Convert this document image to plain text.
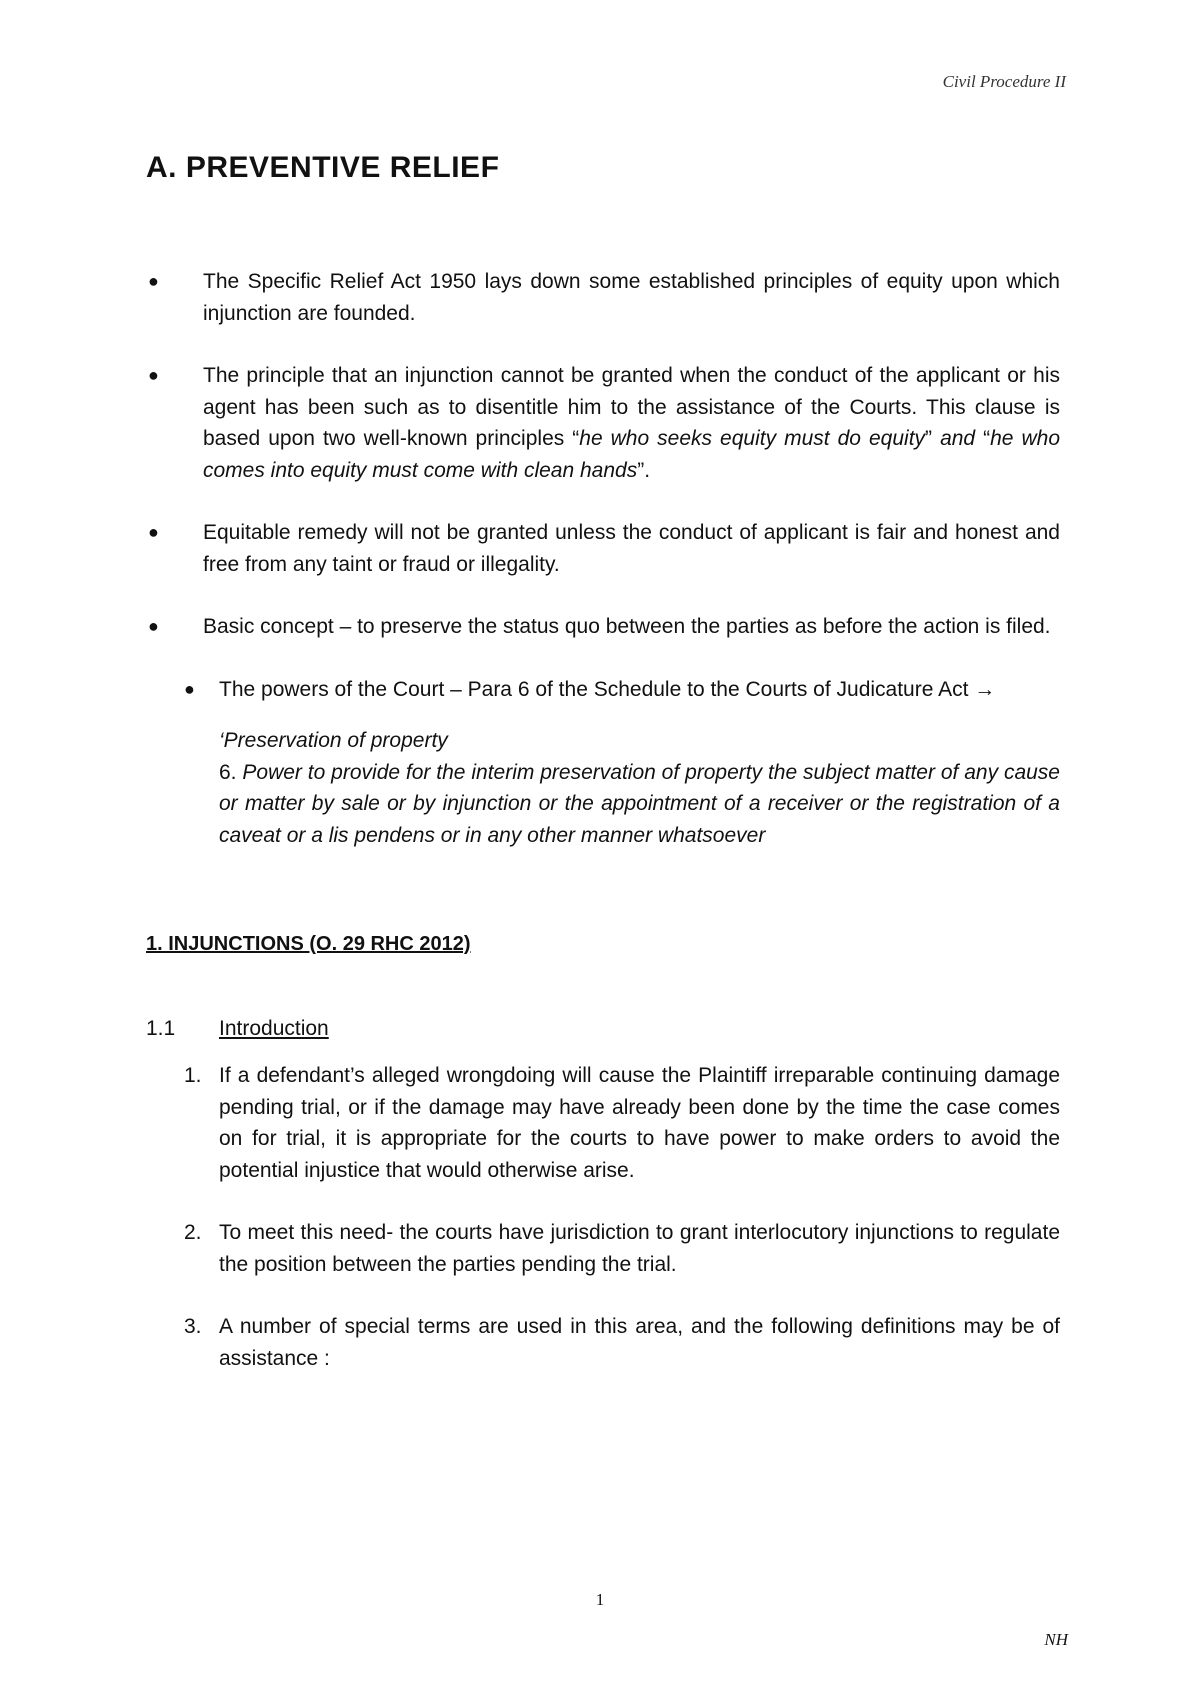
Civil Procedure II
A. PREVENTIVE RELIEF
● The Specific Relief Act 1950 lays down some established principles of equity upon which injunction are founded.
● The principle that an injunction cannot be granted when the conduct of the applicant or his agent has been such as to disentitle him to the assistance of the Courts. This clause is based upon two well-known principles “he who seeks equity must do equity” and “he who comes into equity must come with clean hands”.
● Equitable remedy will not be granted unless the conduct of applicant is fair and honest and free from any taint or fraud or illegality.
● Basic concept – to preserve the status quo between the parties as before the action is filed.
● The powers of the Court – Para 6 of the Schedule to the Courts of Judicature Act →
‘Preservation of property
6. Power to provide for the interim preservation of property the subject matter of any cause or matter by sale or by injunction or the appointment of a receiver or the registration of a caveat or a lis pendens or in any other manner whatsoever
1. INJUNCTIONS (O. 29 RHC 2012)
1.1 Introduction
1. If a defendant’s alleged wrongdoing will cause the Plaintiff irreparable continuing damage pending trial, or if the damage may have already been done by the time the case comes on for trial, it is appropriate for the courts to have power to make orders to avoid the potential injustice that would otherwise arise.
2. To meet this need- the courts have jurisdiction to grant interlocutory injunctions to regulate the position between the parties pending the trial.
3. A number of special terms are used in this area, and the following definitions may be of assistance :
1
NH
